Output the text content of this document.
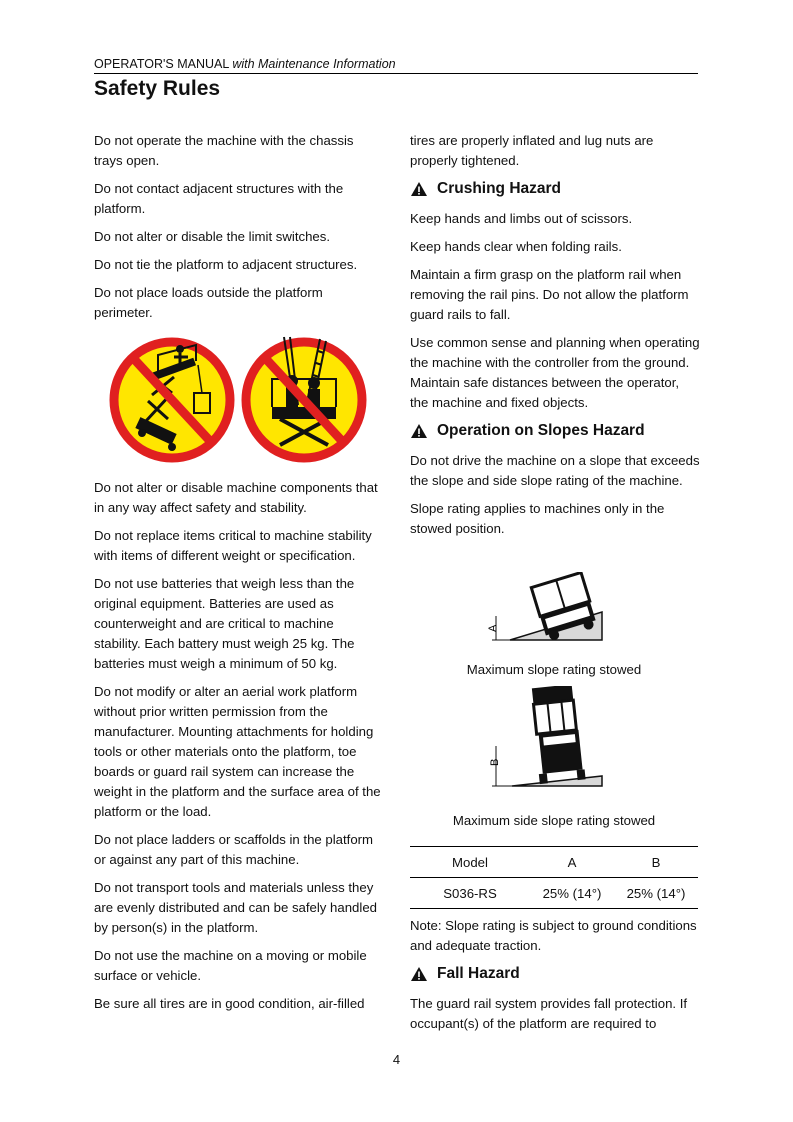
OPERATOR'S MANUAL with Maintenance Information
Safety Rules

Do not operate the machine with the chassis trays open.

Do not contact adjacent structures with the platform.

Do not alter or disable the limit switches.

Do not tie the platform to adjacent structures.

Do not place loads outside the platform perimeter.

Do not alter or disable machine components that in any way affect safety and stability.

Do not replace items critical to machine stability with items of different weight or specification.

Do not use batteries that weigh less than the original equipment. Batteries are used as counterweight and are critical to machine stability. Each battery must weigh 25 kg. The batteries must weigh a minimum of 50 kg.

Do not modify or alter an aerial work platform without prior written permission from the manufacturer. Mounting attachments for holding tools or other materials onto the platform, toe boards or guard rail system can increase the weight in the platform and the surface area of the platform or the load.

Do not place ladders or scaffolds in the platform or against any part of this machine.

Do not transport tools and materials unless they are evenly distributed and can be safely handled by person(s) in the platform.

Do not use the machine on a moving or mobile surface or vehicle.

Be sure all tires are in good condition, air-filled

tires are properly inflated and lug nuts are properly tightened.

Crushing Hazard

Keep hands and limbs out of scissors.

Keep hands clear when folding rails.

Maintain a firm grasp on the platform rail when removing the rail pins. Do not allow the platform guard rails to fall.

Use common sense and planning when operating the machine with the controller from the ground. Maintain safe distances between the operator, the machine and fixed objects.

Operation on Slopes Hazard

Do not drive the machine on a slope that exceeds the slope and side slope rating of the machine.

Slope rating applies to machines only in the stowed position.

A
Maximum slope rating stowed
B
Maximum side slope rating stowed
Model	A	B
S036-RS	25% (14°)	25% (14°)

Note: Slope rating is subject to ground conditions and adequate traction.

Fall Hazard

The guard rail system provides fall protection. If occupant(s) of the platform are required to

4
